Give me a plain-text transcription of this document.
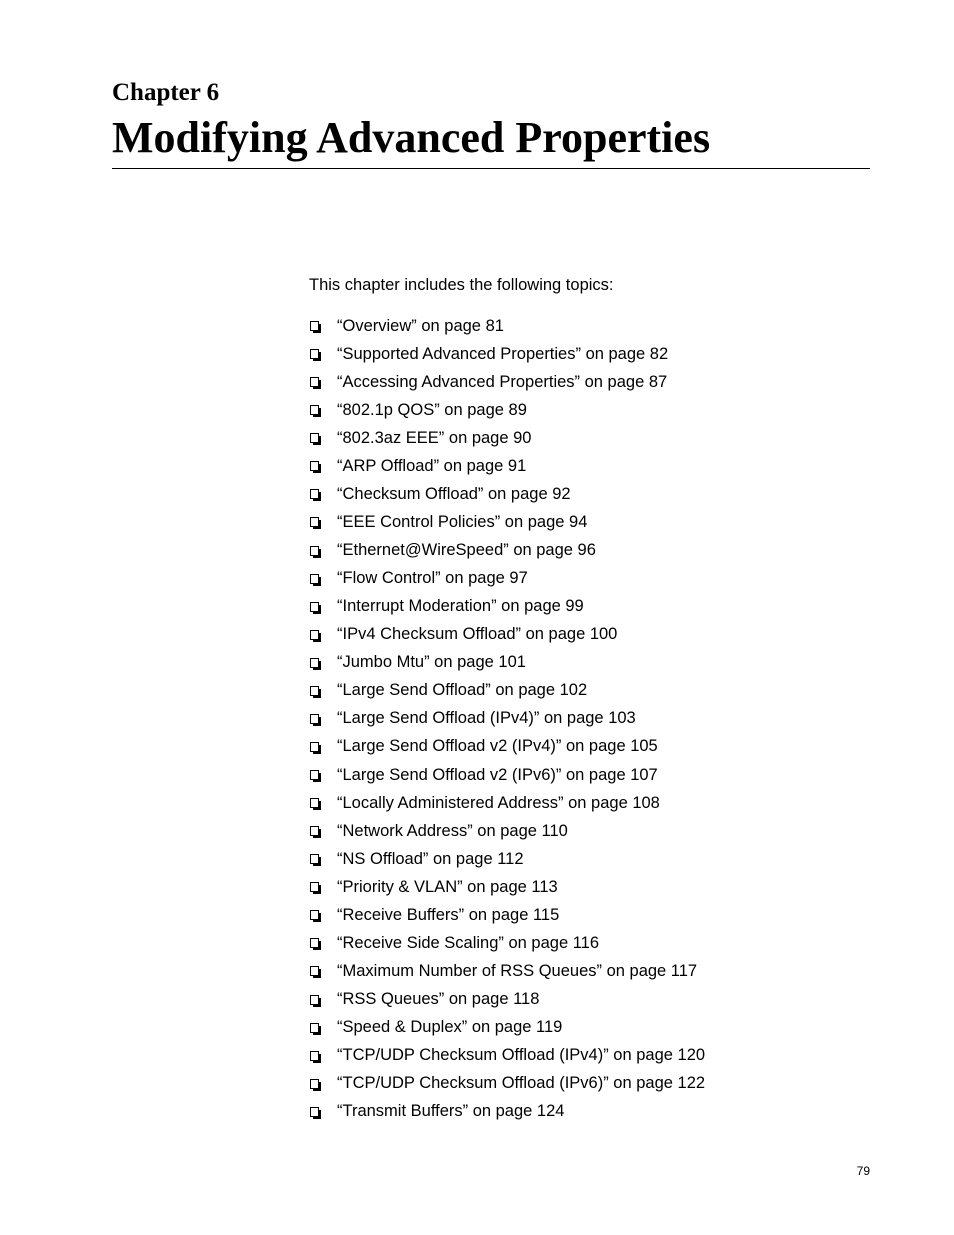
Chapter 6
Modifying Advanced Properties

This chapter includes the following topics:

“Overview” on page 81
“Supported Advanced Properties” on page 82
“Accessing Advanced Properties” on page 87
“802.1p QOS” on page 89
“802.3az EEE” on page 90
“ARP Offload” on page 91
“Checksum Offload” on page 92
“EEE Control Policies” on page 94
“Ethernet@WireSpeed” on page 96
“Flow Control” on page 97
“Interrupt Moderation” on page 99
“IPv4 Checksum Offload” on page 100
“Jumbo Mtu” on page 101
“Large Send Offload” on page 102
“Large Send Offload (IPv4)” on page 103
“Large Send Offload v2 (IPv4)” on page 105
“Large Send Offload v2 (IPv6)” on page 107
“Locally Administered Address” on page 108
“Network Address” on page 110
“NS Offload” on page 112
“Priority & VLAN” on page 113
“Receive Buffers” on page 115
“Receive Side Scaling” on page 116
“Maximum Number of RSS Queues” on page 117
“RSS Queues” on page 118
“Speed & Duplex” on page 119
“TCP/UDP Checksum Offload (IPv4)” on page 120
“TCP/UDP Checksum Offload (IPv6)” on page 122
“Transmit Buffers” on page 124

79
